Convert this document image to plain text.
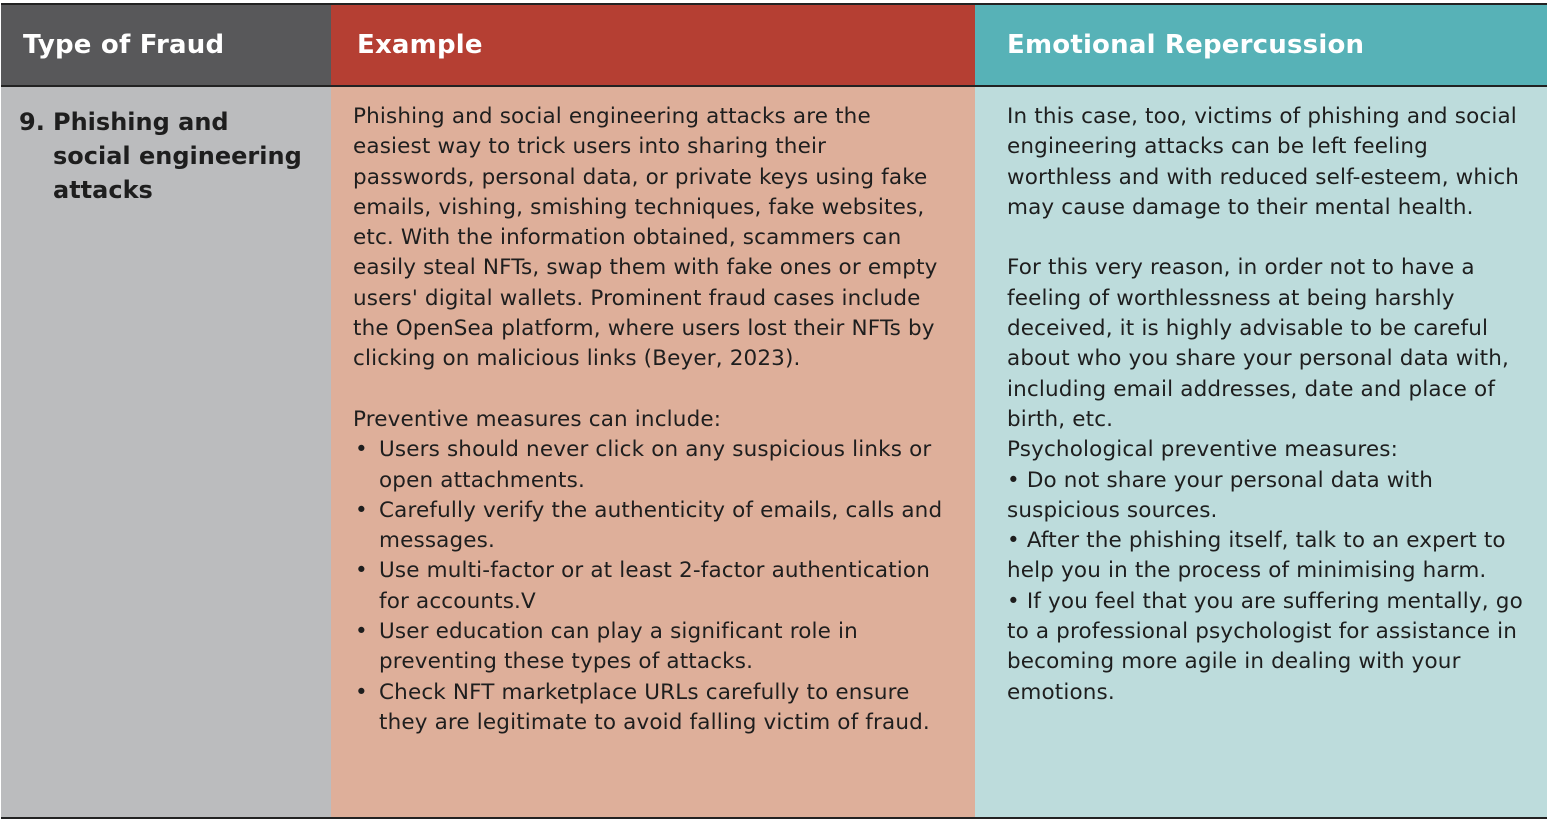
Type of Fraud
9. Phishing and social engineering attacks
Example

Phishing and social engineering attacks are the easiest way to trick users into sharing their passwords, personal data, or private keys using fake emails, vishing, smishing techniques, fake websites, etc. With the information obtained, scammers can easily steal NFTs, swap them with fake ones or empty users' digital wallets. Prominent fraud cases include the OpenSea platform, where users lost their NFTs by clicking on malicious links (Beyer, 2023).

Preventive measures can include:

• Users should never click on any suspicious links or open attachments.
• Carefully verify the authenticity of emails, calls and messages.
• Use multi-factor or at least 2-factor authentication for accounts.V
• User education can play a significant role in preventing these types of attacks.
• Check NFT marketplace URLs carefully to ensure they are legitimate to avoid falling victim of fraud.
Emotional Repercussion

In this case, too, victims of phishing and social engineering attacks can be left feeling worthless and with reduced self-esteem, which may cause damage to their mental health.

For this very reason, in order not to have a feeling of worthlessness at being harshly deceived, it is highly advisable to be careful about who you share your personal data with, including email addresses, date and place of birth, etc.

Psychological preventive measures:

• Do not share your personal data with suspicious sources.

• After the phishing itself, talk to an expert to help you in the process of minimising harm.

• If you feel that you are suffering mentally, go to a professional psychologist for assistance in becoming more agile in dealing with your emotions.
